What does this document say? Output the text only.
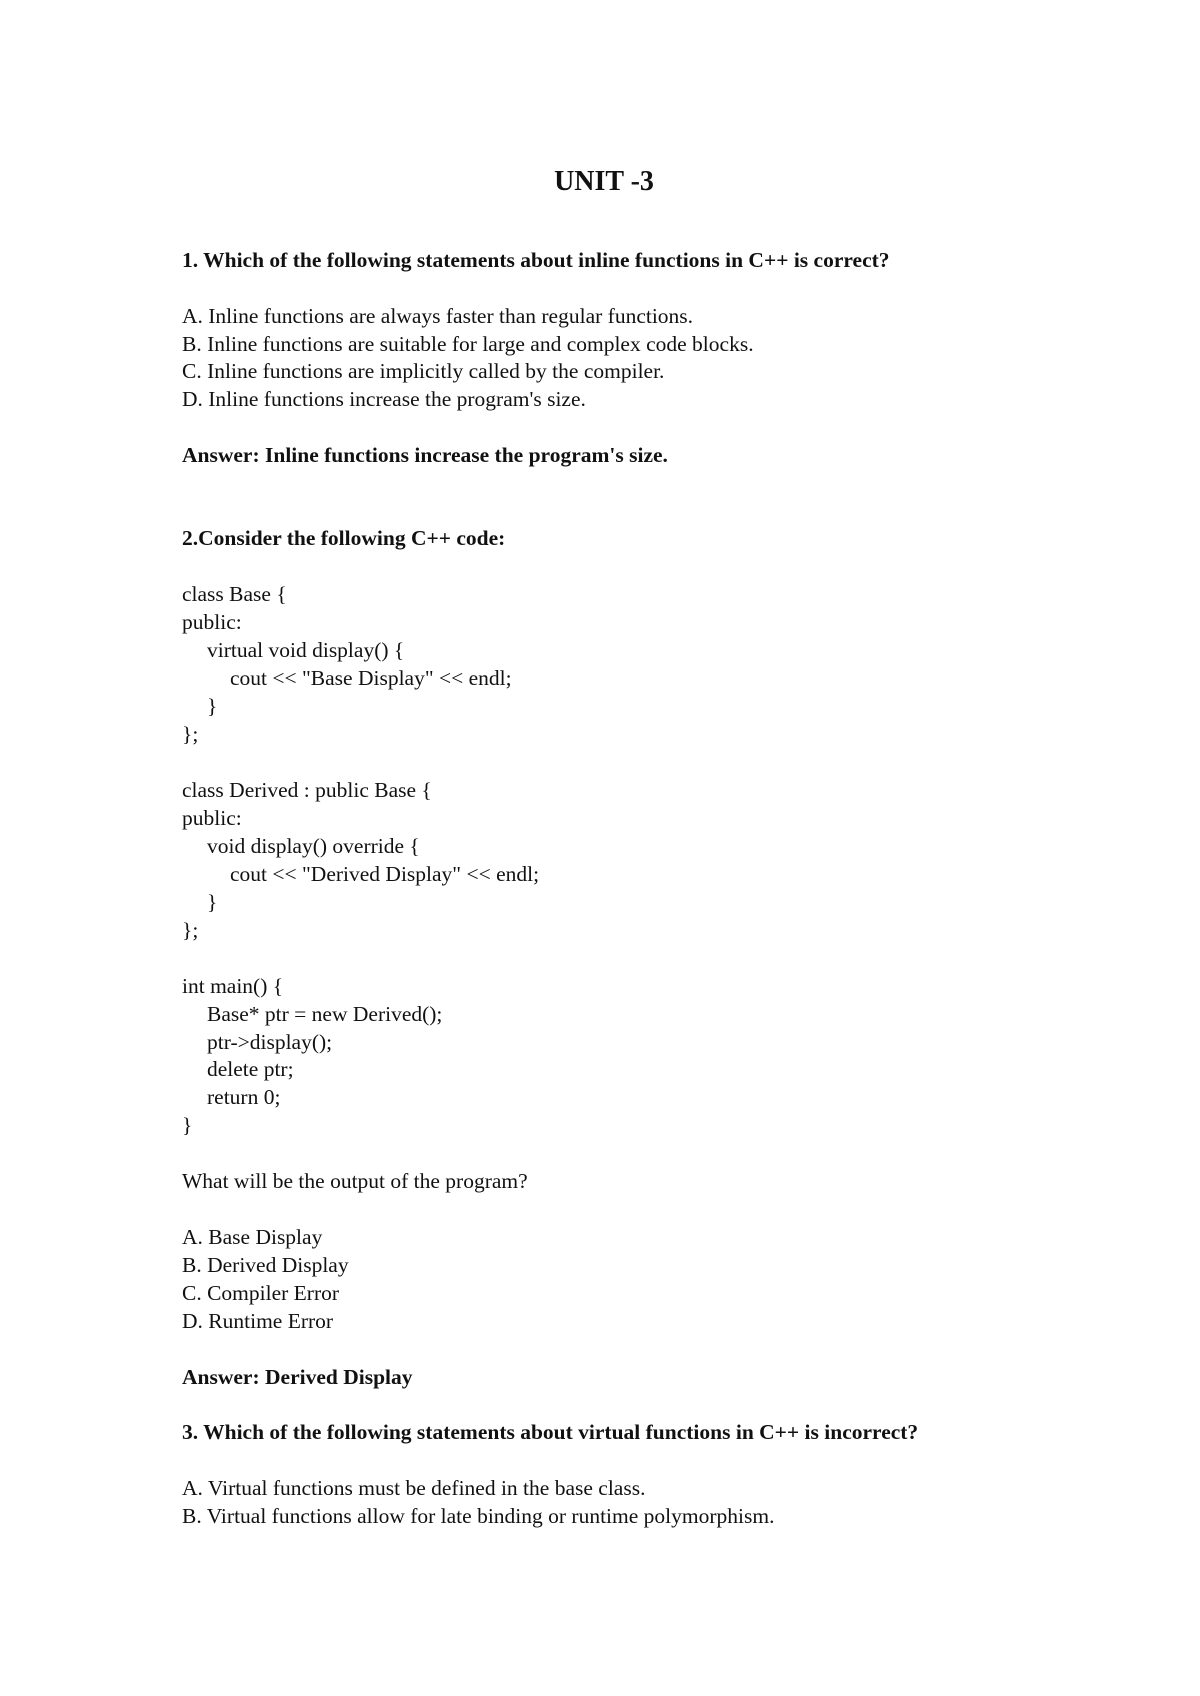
UNIT -3

1. Which of the following statements about inline functions in C++ is correct?

A. Inline functions are always faster than regular functions.

B. Inline functions are suitable for large and complex code blocks.

C. Inline functions are implicitly called by the compiler.

D. Inline functions increase the program's size.

Answer: Inline functions increase the program's size.

2.Consider the following C++ code:

class Base {

public:

virtual void display() {

cout << "Base Display" << endl;

}

};

class Derived : public Base {

public:

void display() override {

cout << "Derived Display" << endl;

}

};

int main() {

Base* ptr = new Derived();

ptr->display();

delete ptr;

return 0;

}

What will be the output of the program?

A. Base Display

B. Derived Display

C. Compiler Error

D. Runtime Error

Answer: Derived Display

3. Which of the following statements about virtual functions in C++ is incorrect?

A. Virtual functions must be defined in the base class.

B. Virtual functions allow for late binding or runtime polymorphism.
